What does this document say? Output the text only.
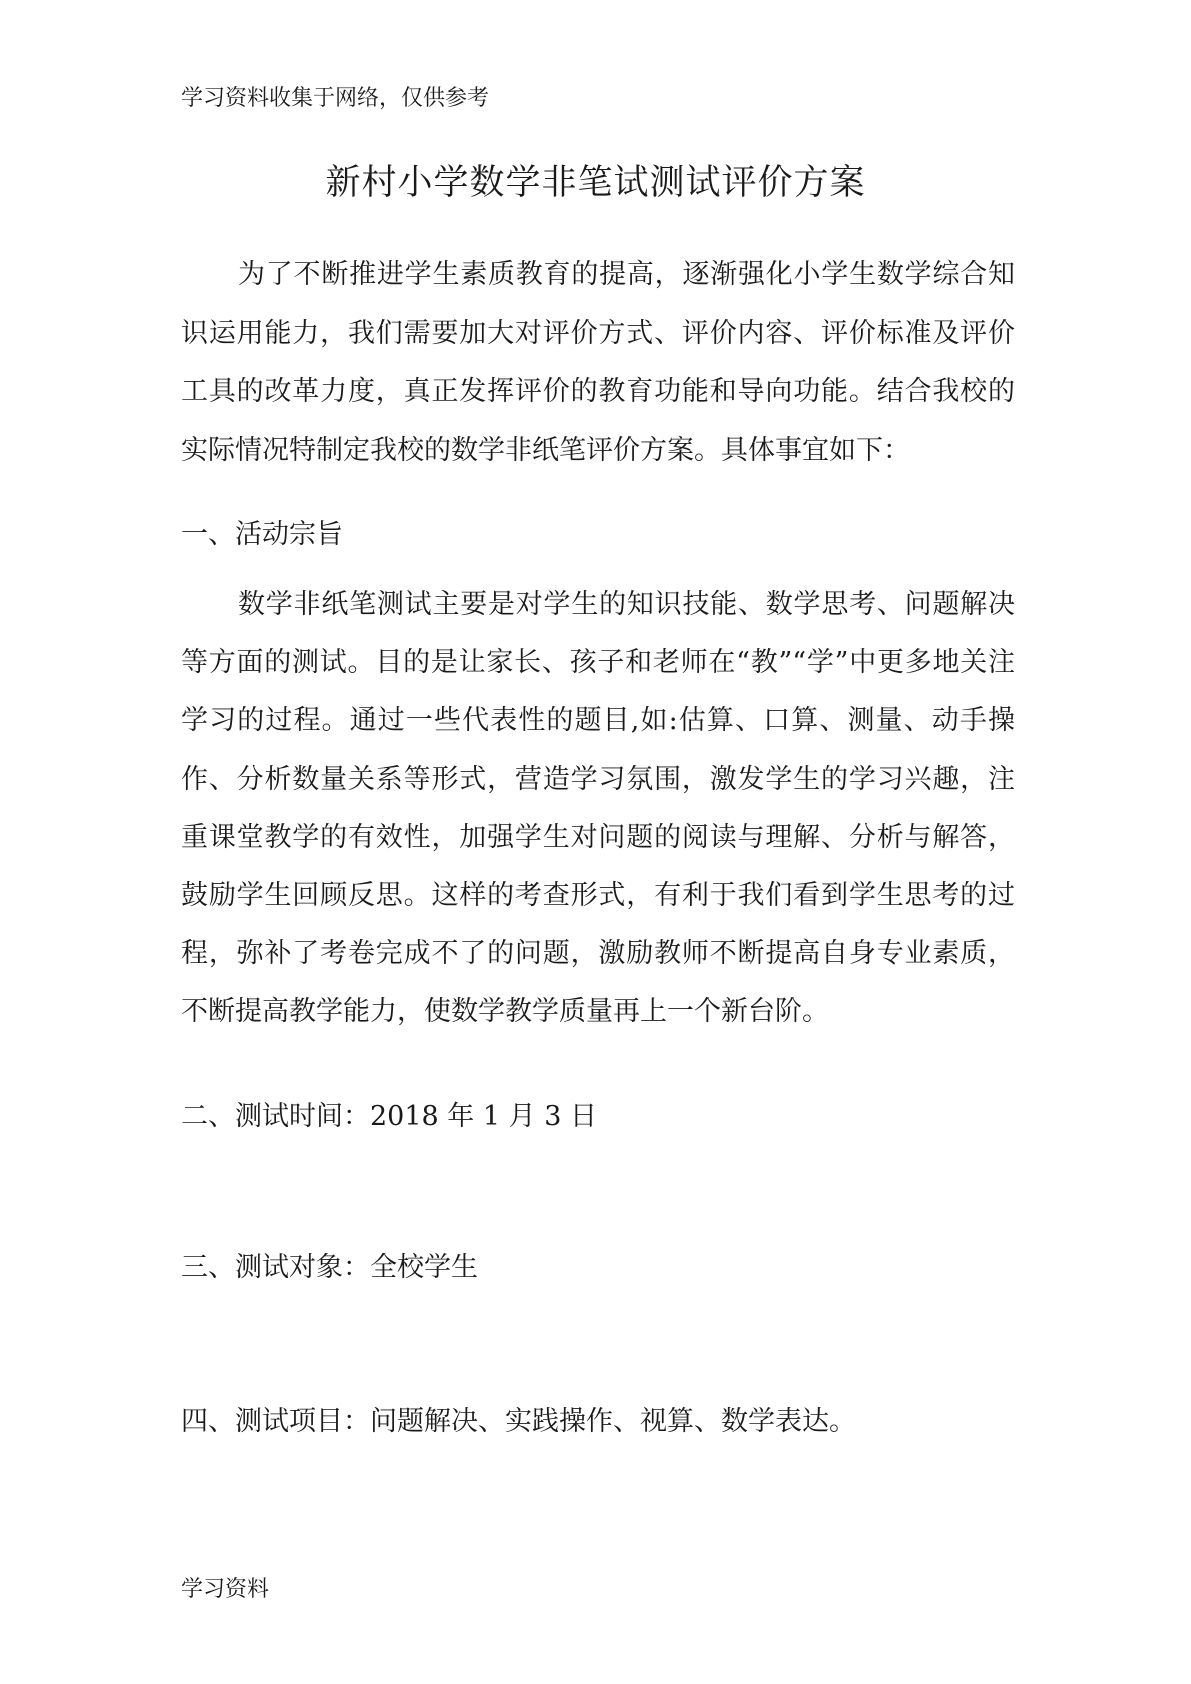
学习资料收集于网络，仅供参考
新村小学数学非笔试测试评价方案

为了不断推进学生素质教育的提高，逐渐强化小学生数学综合知识运用能力，我们需要加大对评价方式、评价内容、评价标准及评价工具的改革力度，真正发挥评价的教育功能和导向功能。结合我校的实际情况特制定我校的数学非纸笔评价方案。具体事宜如下：

一、活动宗旨

数学非纸笔测试主要是对学生的知识技能、数学思考、问题解决等方面的测试。目的是让家长、孩子和老师在“教”“学”中更多地关注学习的过程。通过一些代表性的题目,如:估算、口算、测量、动手操作、分析数量关系等形式，营造学习氛围，激发学生的学习兴趣，注重课堂教学的有效性，加强学生对问题的阅读与理解、分析与解答，鼓励学生回顾反思。这样的考查形式，有利于我们看到学生思考的过程，弥补了考卷完成不了的问题，激励教师不断提高自身专业素质，不断提高教学能力，使数学教学质量再上一个新台阶。

二、测试时间：2018 年 1 月 3 日
三、测试对象：全校学生
四、测试项目：问题解决、实践操作、视算、数学表达。
学习资料
